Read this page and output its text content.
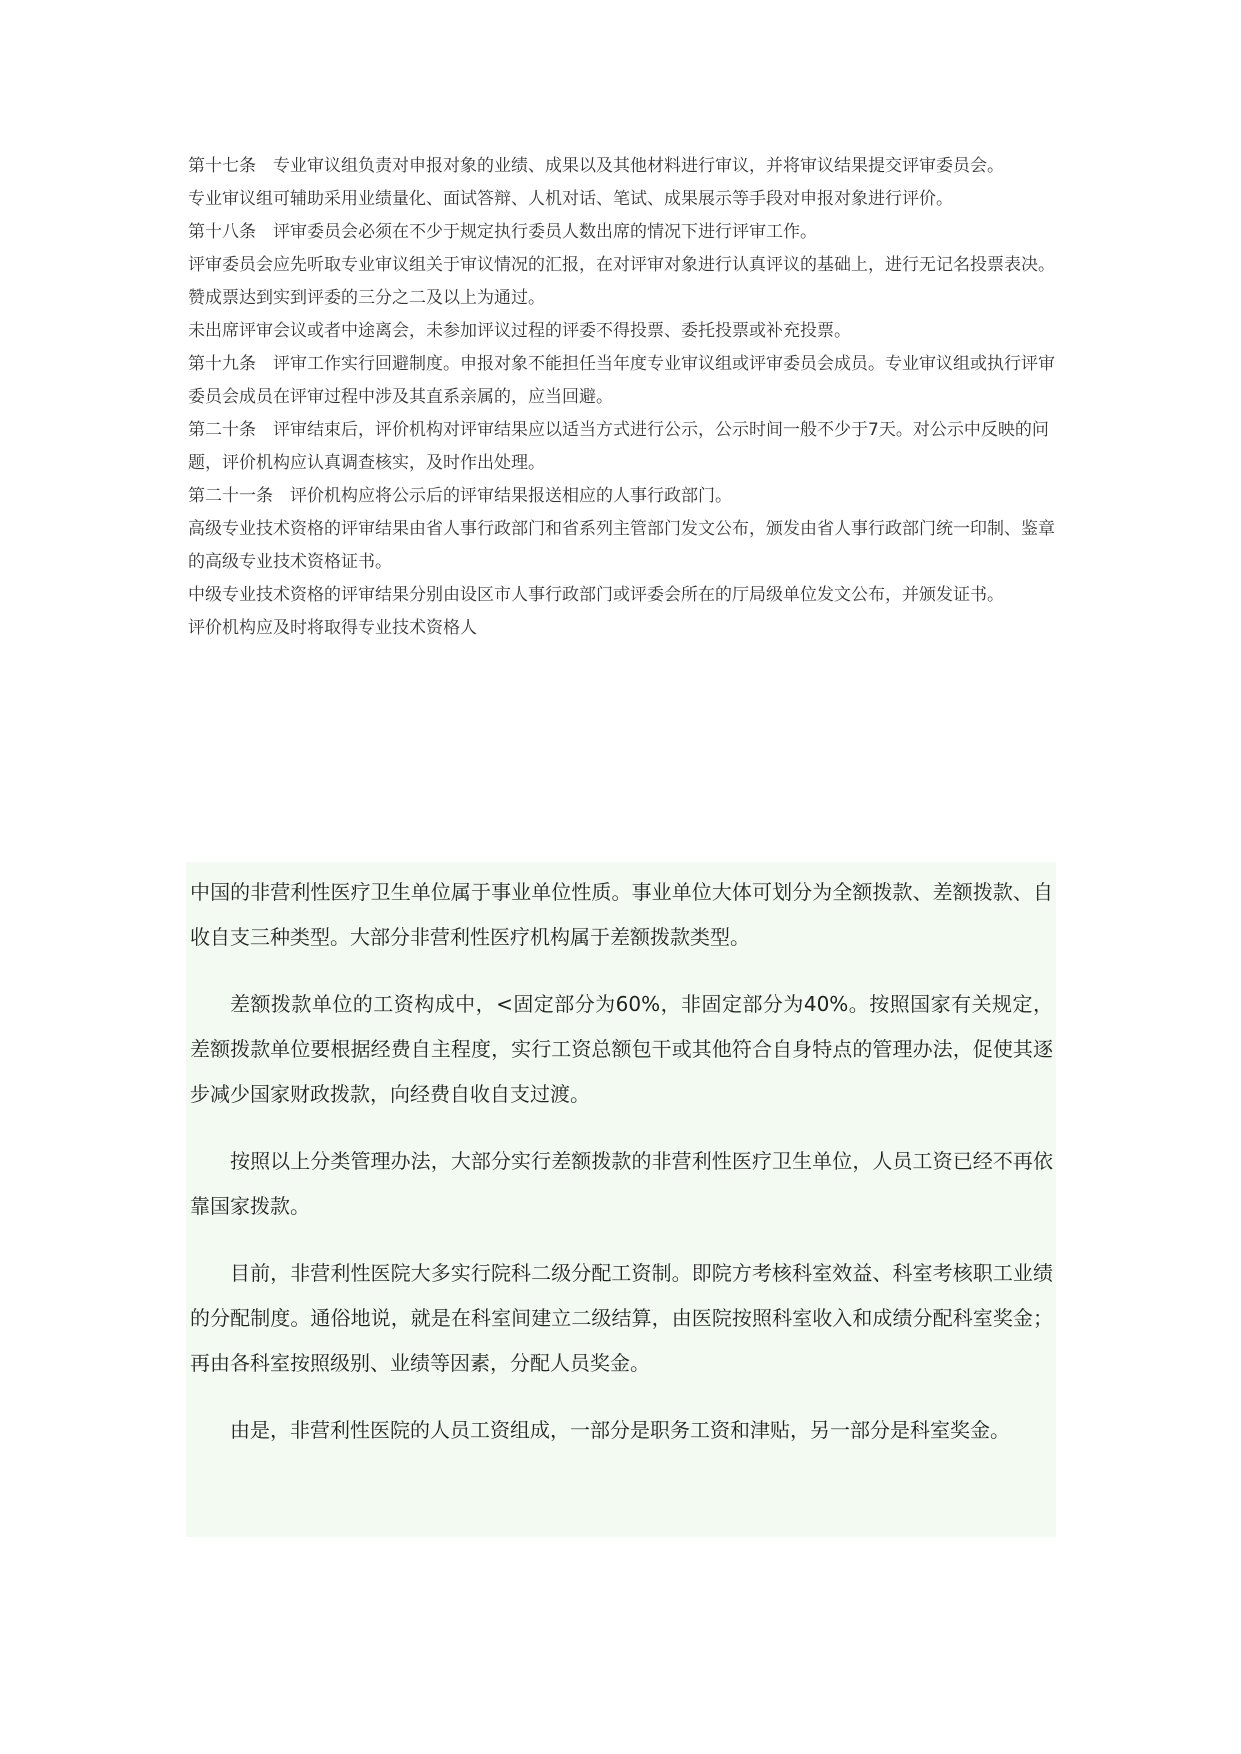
第十七条　专业审议组负责对申报对象的业绩、成果以及其他材料进行审议，并将审议结果提交评审委员会。

专业审议组可辅助采用业绩量化、面试答辩、人机对话、笔试、成果展示等手段对申报对象进行评价。

第十八条　评审委员会必须在不少于规定执行委员人数出席的情况下进行评审工作。

评审委员会应先听取专业审议组关于审议情况的汇报，在对评审对象进行认真评议的基础上，进行无记名投票表决。赞成票达到实到评委的三分之二及以上为通过。

未出席评审会议或者中途离会，未参加评议过程的评委不得投票、委托投票或补充投票。

第十九条　评审工作实行回避制度。申报对象不能担任当年度专业审议组或评审委员会成员。专业审议组或执行评审委员会成员在评审过程中涉及其直系亲属的，应当回避。

第二十条　评审结束后，评价机构对评审结果应以适当方式进行公示，公示时间一般不少于7天。对公示中反映的问题，评价机构应认真调查核实，及时作出处理。

第二十一条　评价机构应将公示后的评审结果报送相应的人事行政部门。

高级专业技术资格的评审结果由省人事行政部门和省系列主管部门发文公布，颁发由省人事行政部门统一印制、鉴章的高级专业技术资格证书。

中级专业技术资格的评审结果分别由设区市人事行政部门或评委会所在的厅局级单位发文公布，并颁发证书。

评价机构应及时将取得专业技术资格人

中国的非营利性医疗卫生单位属于事业单位性质。事业单位大体可划分为全额拨款、差额拨款、自收自支三种类型。大部分非营利性医疗机构属于差额拨款类型。

差额拨款单位的工资构成中，<固定部分为60%，非固定部分为40%。按照国家有关规定，差额拨款单位要根据经费自主程度，实行工资总额包干或其他符合自身特点的管理办法，促使其逐步减少国家财政拨款，向经费自收自支过渡。

按照以上分类管理办法，大部分实行差额拨款的非营利性医疗卫生单位，人员工资已经不再依靠国家拨款。

目前，非营利性医院大多实行院科二级分配工资制。即院方考核科室效益、科室考核职工业绩的分配制度。通俗地说，就是在科室间建立二级结算，由医院按照科室收入和成绩分配科室奖金；再由各科室按照级别、业绩等因素，分配人员奖金。

由是，非营利性医院的人员工资组成，一部分是职务工资和津贴，另一部分是科室奖金。
